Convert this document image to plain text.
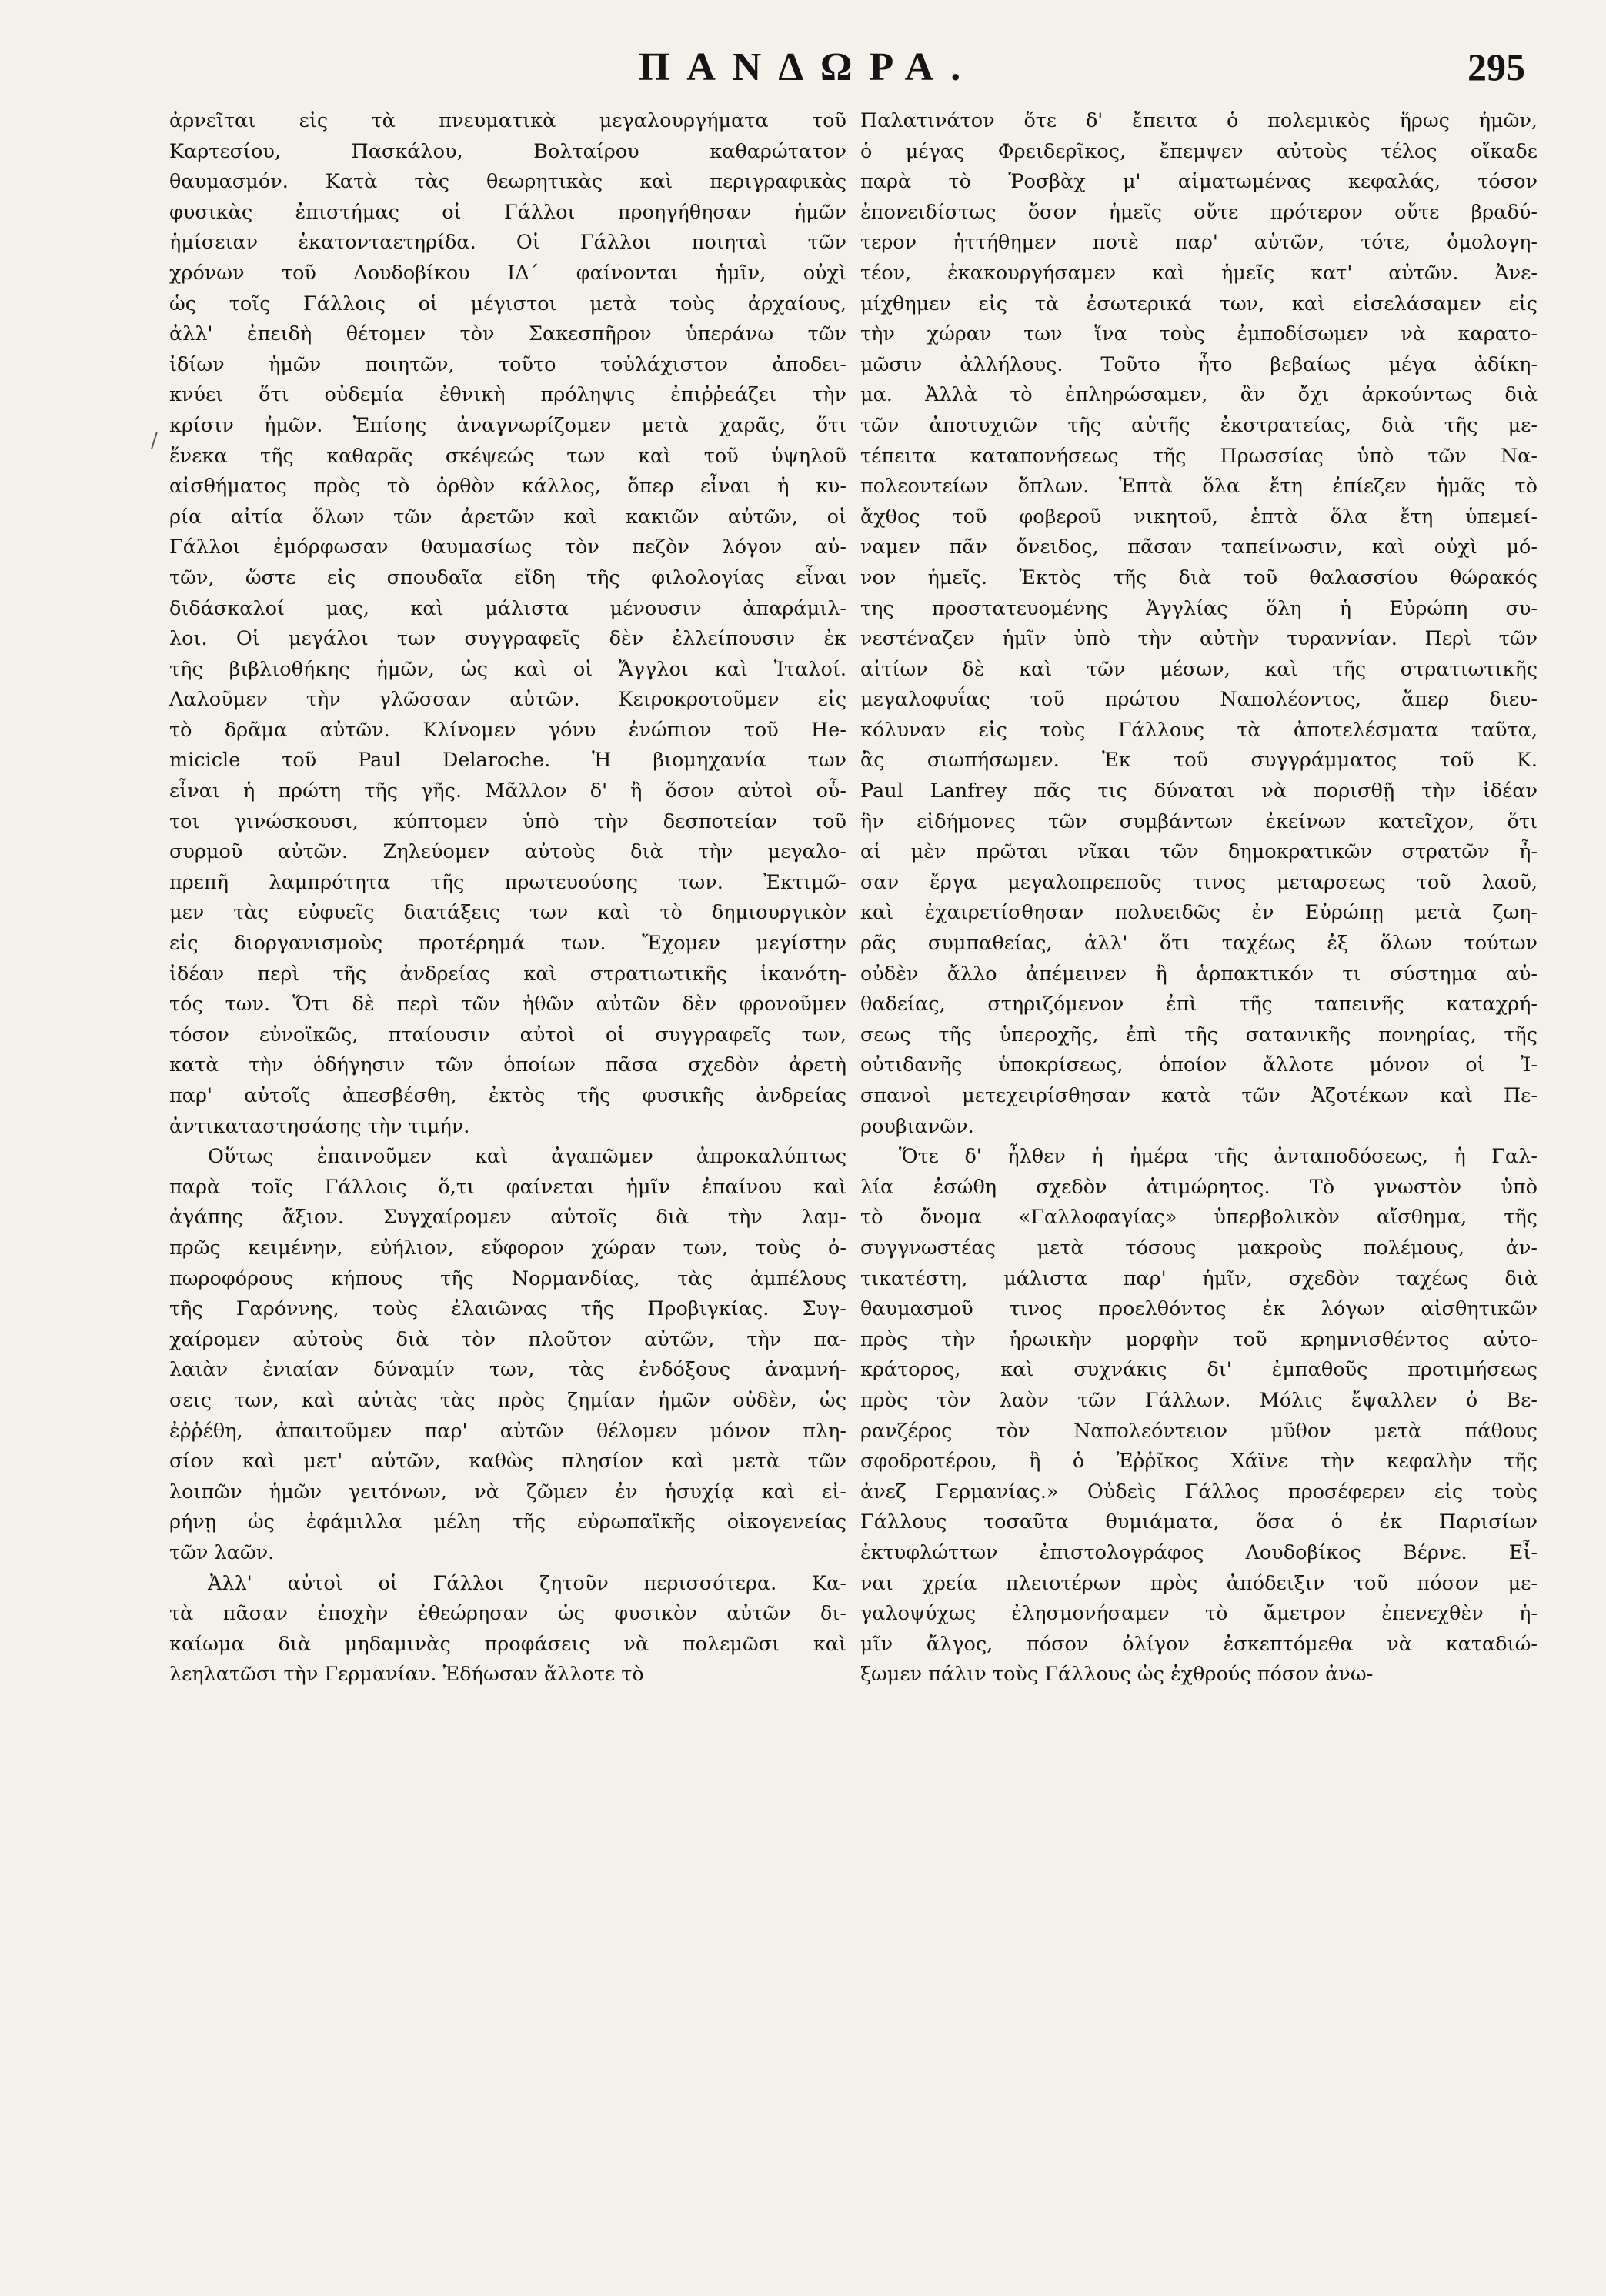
ΠΑΝΔΩΡΑ.	295
/
ἀρνεῖται εἰς τὰ πνευματικὰ μεγαλουργήματα τοῦ
Καρτεσίου, Πασκάλου, Βολταίρου καθαρώτατον
θαυμασμόν. Κατὰ τὰς θεωρητικὰς καὶ περιγραφικὰς
φυσικὰς ἐπιστήμας οἱ Γάλλοι προηγήθησαν ἡμῶν
ἡμίσειαν ἑκατονταετηρίδα. Οἱ Γάλλοι ποιηταὶ τῶν
χρόνων τοῦ Λουδοβίκου ΙΔ΄ φαίνονται ἡμῖν, οὐχὶ
ὡς τοῖς Γάλλοις οἱ μέγιστοι μετὰ τοὺς ἀρχαίους,
ἀλλ' ἐπειδὴ θέτομεν τὸν Σακεσπῆρον ὑπεράνω τῶν
ἰδίων ἡμῶν ποιητῶν, τοῦτο τοὐλάχιστον ἀποδει-
κνύει ὅτι οὐδεμία ἐθνικὴ πρόληψις ἐπιῤῥεάζει τὴν
κρίσιν ἡμῶν. Ἐπίσης ἀναγνωρίζομεν μετὰ χαρᾶς, ὅτι
ἕνεκα τῆς καθαρᾶς σκέψεώς των καὶ τοῦ ὑψηλοῦ
αἰσθήματος πρὸς τὸ ὀρθὸν κάλλος, ὅπερ εἶναι ἡ κυ-
ρία αἰτία ὅλων τῶν ἀρετῶν καὶ κακιῶν αὐτῶν, οἱ
Γάλλοι ἐμόρφωσαν θαυμασίως τὸν πεζὸν λόγον αὐ-
τῶν, ὥστε εἰς σπουδαῖα εἴδη τῆς φιλολογίας εἶναι
διδάσκαλοί μας, καὶ μάλιστα μένουσιν ἀπαράμιλ-
λοι. Οἱ μεγάλοι των συγγραφεῖς δὲν ἐλλείπουσιν ἐκ
τῆς βιβλιοθήκης ἡμῶν, ὡς καὶ οἱ Ἄγγλοι καὶ Ἰταλοί.
Λαλοῦμεν τὴν γλῶσσαν αὐτῶν. Κειροκροτοῦμεν εἰς
τὸ δρᾶμα αὐτῶν. Κλίνομεν γόνυ ἐνώπιον τοῦ He-
micicle τοῦ Paul Delaroche. Ἡ βιομηχανία των
εἶναι ἡ πρώτη τῆς γῆς. Μᾶλλον δ' ἢ ὅσον αὐτοὶ οὗ-
τοι γινώσκουσι, κύπτομεν ὑπὸ τὴν δεσποτείαν τοῦ
συρμοῦ αὐτῶν. Ζηλεύομεν αὐτοὺς διὰ τὴν μεγαλο-
πρεπῆ λαμπρότητα τῆς πρωτευούσης των. Ἐκτιμῶ-
μεν τὰς εὐφυεῖς διατάξεις των καὶ τὸ δημιουργικὸν
εἰς διοργανισμοὺς προτέρημά των. Ἔχομεν μεγίστην
ἰδέαν περὶ τῆς ἀνδρείας καὶ στρατιωτικῆς ἱκανότη-
τός των. Ὅτι δὲ περὶ τῶν ἠθῶν αὐτῶν δὲν φρονοῦμεν
τόσον εὐνοϊκῶς, πταίουσιν αὐτοὶ οἱ συγγραφεῖς των,
κατὰ τὴν ὁδήγησιν τῶν ὁποίων πᾶσα σχεδὸν ἀρετὴ
παρ' αὐτοῖς ἀπεσβέσθη, ἐκτὸς τῆς φυσικῆς ἀνδρείας
ἀντικαταστησάσης τὴν τιμήν.
Οὕτως ἐπαινοῦμεν καὶ ἀγαπῶμεν ἀπροκαλύπτως
παρὰ τοῖς Γάλλοις ὅ,τι φαίνεται ἡμῖν ἐπαίνου καὶ
ἀγάπης ἄξιον. Συγχαίρομεν αὐτοῖς διὰ τὴν λαμ-
πρῶς κειμένην, εὐήλιον, εὔφορον χώραν των, τοὺς ὀ-
πωροφόρους κήπους τῆς Νορμανδίας, τὰς ἀμπέλους
τῆς Γαρόννης, τοὺς ἐλαιῶνας τῆς Προβιγκίας. Συγ-
χαίρομεν αὐτοὺς διὰ τὸν πλοῦτον αὐτῶν, τὴν πα-
λαιὰν ἐνιαίαν δύναμίν των, τὰς ἐνδόξους ἀναμνή-
σεις των, καὶ αὐτὰς τὰς πρὸς ζημίαν ἡμῶν οὐδὲν, ὡς
ἐῤῥέθη, ἀπαιτοῦμεν παρ' αὐτῶν θέλομεν μόνον πλη-
σίον καὶ μετ' αὐτῶν, καθὼς πλησίον καὶ μετὰ τῶν
λοιπῶν ἡμῶν γειτόνων, νὰ ζῶμεν ἐν ἡσυχίᾳ καὶ εἰ-
ρήνῃ ὡς ἐφάμιλλα μέλη τῆς εὐρωπαϊκῆς οἰκογενείας
τῶν λαῶν.
Ἀλλ' αὐτοὶ οἱ Γάλλοι ζητοῦν περισσότερα. Κα-
τὰ πᾶσαν ἐποχὴν ἐθεώρησαν ὡς φυσικὸν αὐτῶν δι-
καίωμα διὰ μηδαμινὰς προφάσεις νὰ πολεμῶσι καὶ
λεηλατῶσι τὴν Γερμανίαν. Ἐδήωσαν ἄλλοτε τὸ
Παλατινάτον ὅτε δ' ἔπειτα ὁ πολεμικὸς ἥρως ἡμῶν,
ὁ μέγας Φρειδερῖκος, ἔπεμψεν αὐτοὺς τέλος οἴκαδε
παρὰ τὸ Ῥοσβὰχ μ' αἱματωμένας κεφαλάς, τόσον
ἐπονειδίστως ὅσον ἡμεῖς οὔτε πρότερον οὔτε βραδύ-
τερον ἡττήθημεν ποτὲ παρ' αὐτῶν, τότε, ὁμολογη-
τέον, ἐκακουργήσαμεν καὶ ἡμεῖς κατ' αὐτῶν. Ἀνε-
μίχθημεν εἰς τὰ ἐσωτερικά των, καὶ εἰσελάσαμεν εἰς
τὴν χώραν των ἵνα τοὺς ἐμποδίσωμεν νὰ καρατο-
μῶσιν ἀλλήλους. Τοῦτο ἦτο βεβαίως μέγα ἀδίκη-
μα. Ἀλλὰ τὸ ἐπληρώσαμεν, ἂν ὄχι ἀρκούντως διὰ
τῶν ἀποτυχιῶν τῆς αὐτῆς ἐκστρατείας, διὰ τῆς με-
τέπειτα καταπονήσεως τῆς Πρωσσίας ὑπὸ τῶν Να-
πολεοντείων ὅπλων. Ἑπτὰ ὅλα ἔτη ἐπίεζεν ἡμᾶς τὸ
ἄχθος τοῦ φοβεροῦ νικητοῦ, ἑπτὰ ὅλα ἔτη ὑπεμεί-
ναμεν πᾶν ὄνειδος, πᾶσαν ταπείνωσιν, καὶ οὐχὶ μό-
νον ἡμεῖς. Ἐκτὸς τῆς διὰ τοῦ θαλασσίου θώρακός
της προστατευομένης Ἀγγλίας ὅλη ἡ Εὐρώπη συ-
νεστέναζεν ἡμῖν ὑπὸ τὴν αὐτὴν τυραννίαν. Περὶ τῶν
αἰτίων δὲ καὶ τῶν μέσων, καὶ τῆς στρατιωτικῆς
μεγαλοφυΐας τοῦ πρώτου Ναπολέοντος, ἅπερ διευ-
κόλυναν εἰς τοὺς Γάλλους τὰ ἀποτελέσματα ταῦτα,
ἂς σιωπήσωμεν. Ἐκ τοῦ συγγράμματος τοῦ Κ.
Paul Lanfrey πᾶς τις δύναται νὰ πορισθῇ τὴν ἰδέαν
ἣν εἰδήμονες τῶν συμβάντων ἐκείνων κατεῖχον, ὅτι
αἱ μὲν πρῶται νῖκαι τῶν δημοκρατικῶν στρατῶν ἦ-
σαν ἔργα μεγαλοπρεποῦς τινος μεταρσεως τοῦ λαοῦ,
καὶ ἐχαιρετίσθησαν πολυειδῶς ἐν Εὐρώπῃ μετὰ ζωη-
ρᾶς συμπαθείας, ἀλλ' ὅτι ταχέως ἐξ ὅλων τούτων
οὐδὲν ἄλλο ἀπέμεινεν ἢ ἁρπακτικόν τι σύστημα αὐ-
θαδείας, στηριζόμενον ἐπὶ τῆς ταπεινῆς καταχρή-
σεως τῆς ὑπεροχῆς, ἐπὶ τῆς σατανικῆς πονηρίας, τῆς
οὐτιδανῆς ὑποκρίσεως, ὁποίον ἄλλοτε μόνον οἱ Ἰ-
σπανοὶ μετεχειρίσθησαν κατὰ τῶν Ἀζοτέκων καὶ Πε-
ρουβιανῶν.
Ὅτε δ' ἦλθεν ἡ ἡμέρα τῆς ἀνταποδόσεως, ἡ Γαλ-
λία ἐσώθη σχεδὸν ἀτιμώρητος. Τὸ γνωστὸν ὑπὸ
τὸ ὄνομα «Γαλλοφαγίας» ὑπερβολικὸν αἴσθημα, τῆς
συγγνωστέας μετὰ τόσους μακροὺς πολέμους, ἀν-
τικατέστη, μάλιστα παρ' ἡμῖν, σχεδὸν ταχέως διὰ
θαυμασμοῦ τινος προελθόντος ἐκ λόγων αἰσθητικῶν
πρὸς τὴν ἡρωικὴν μορφὴν τοῦ κρημνισθέντος αὐτο-
κράτορος, καὶ συχνάκις δι' ἐμπαθοῦς προτιμήσεως
πρὸς τὸν λαὸν τῶν Γάλλων. Μόλις ἔψαλλεν ὁ Βε-
ρανζέρος τὸν Ναπολεόντειον μῦθον μετὰ πάθους
σφοδροτέρου, ἢ ὁ Ἐῤῥῖκος Χάϊνε τὴν κεφαλὴν τῆς
ἀνεζ Γερμανίας.» Οὐδεὶς Γάλλος προσέφερεν εἰς τοὺς
Γάλλους τοσαῦτα θυμιάματα, ὅσα ὁ ἐκ Παρισίων
ἐκτυφλώττων ἐπιστολογράφος Λουδοβίκος Βέρνε. Εἶ-
ναι χρεία πλειοτέρων πρὸς ἀπόδειξιν τοῦ πόσον με-
γαλοψύχως ἐλησμονήσαμεν τὸ ἄμετρον ἐπενεχθὲν ἡ-
μῖν ἄλγος, πόσον ὀλίγον ἐσκεπτόμεθα νὰ καταδιώ-
ξωμεν πάλιν τοὺς Γάλλους ὡς ἐχθρούς πόσον ἀνω-
